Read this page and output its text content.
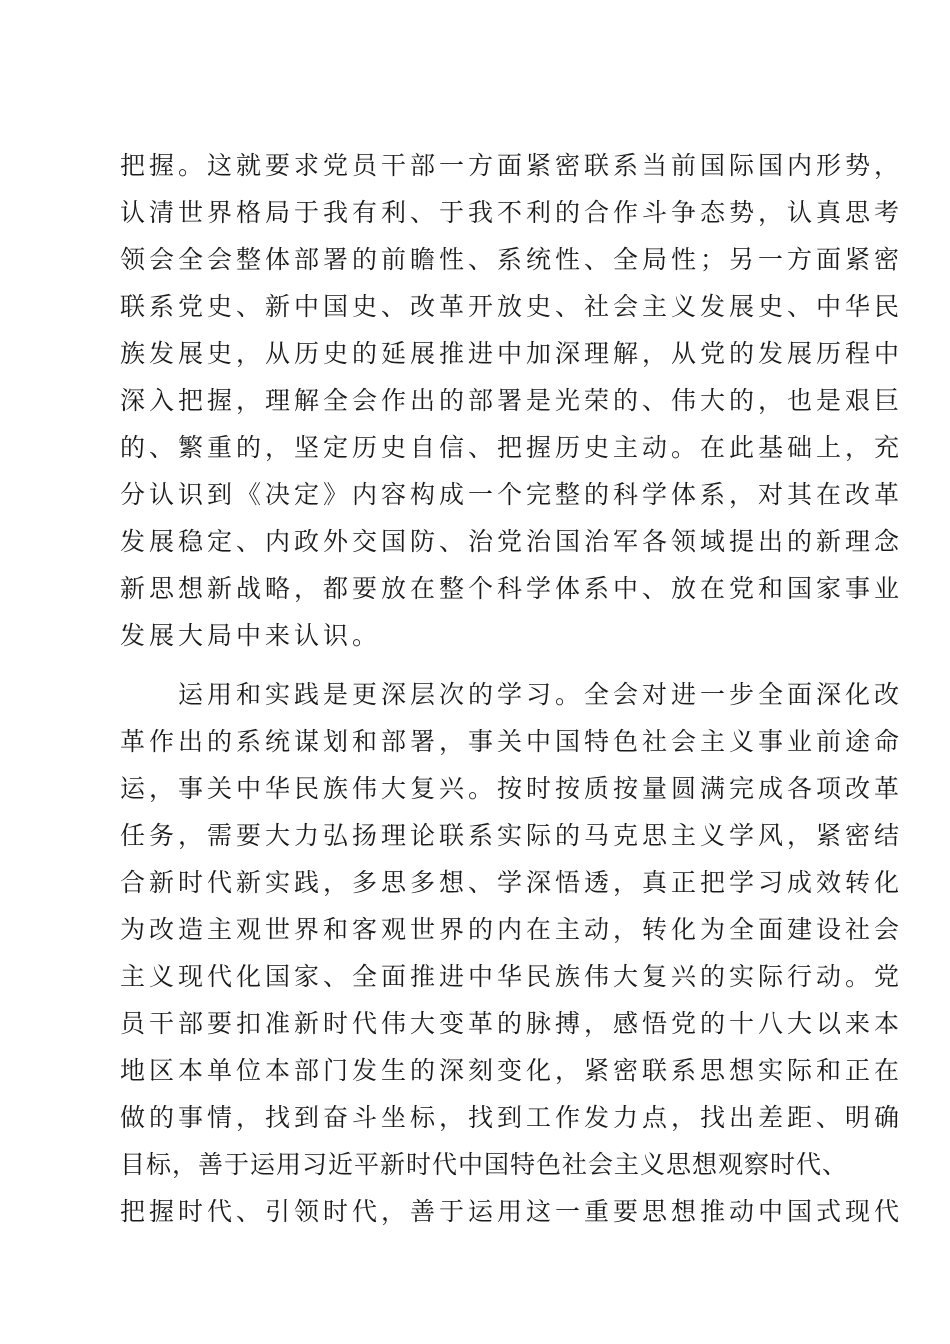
把握。这就要求党员干部一方面紧密联系当前国际国内形势，
认清世界格局于我有利、于我不利的合作斗争态势，认真思考
领会全会整体部署的前瞻性、系统性、全局性；另一方面紧密
联系党史、新中国史、改革开放史、社会主义发展史、中华民
族发展史，从历史的延展推进中加深理解，从党的发展历程中
深入把握，理解全会作出的部署是光荣的、伟大的，也是艰巨
的、繁重的，坚定历史自信、把握历史主动。在此基础上，充
分认识到《决定》内容构成一个完整的科学体系，对其在改革
发展稳定、内政外交国防、治党治国治军各领域提出的新理念
新思想新战略，都要放在整个科学体系中、放在党和国家事业
发展大局中来认识。
　　运用和实践是更深层次的学习。全会对进一步全面深化改
革作出的系统谋划和部署，事关中国特色社会主义事业前途命
运，事关中华民族伟大复兴。按时按质按量圆满完成各项改革
任务，需要大力弘扬理论联系实际的马克思主义学风，紧密结
合新时代新实践，多思多想、学深悟透，真正把学习成效转化
为改造主观世界和客观世界的内在主动，转化为全面建设社会
主义现代化国家、全面推进中华民族伟大复兴的实际行动。党
员干部要扣准新时代伟大变革的脉搏，感悟党的十八大以来本
地区本单位本部门发生的深刻变化，紧密联系思想实际和正在
做的事情，找到奋斗坐标，找到工作发力点，找出差距、明确
目标，善于运用习近平新时代中国特色社会主义思想观察时代、
把握时代、引领时代，善于运用这一重要思想推动中国式现代
